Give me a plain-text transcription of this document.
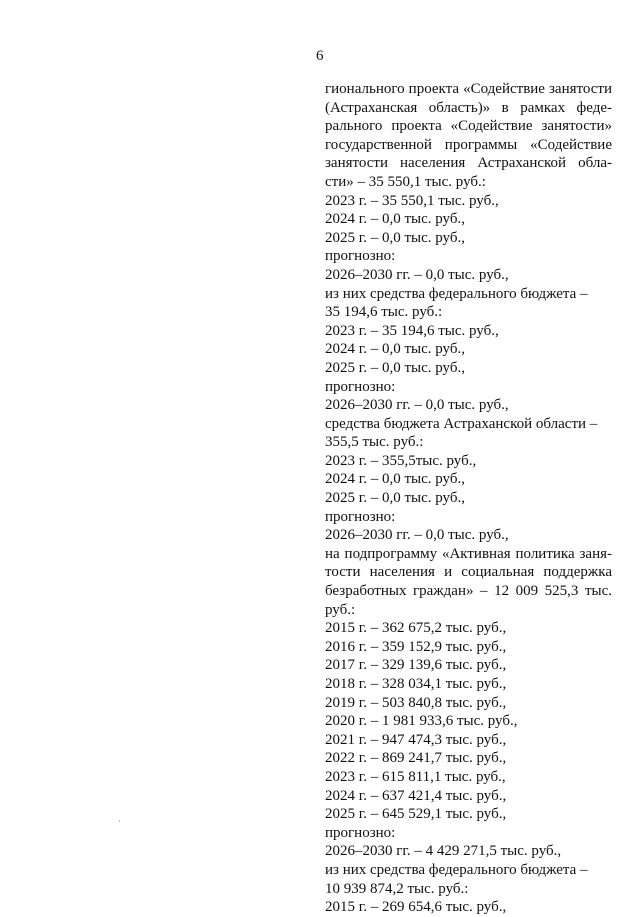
6
гионального проекта «Содействие занятости
(Астраханская область)» в рамках феде-
рального проекта «Содействие занятости»
государственной программы «Содействие
занятости населения Астраханской обла-
сти» – 35 550,1 тыс. руб.:
2023 г. – 35 550,1 тыс. руб.,
2024 г. – 0,0 тыс. руб.,
2025 г. – 0,0 тыс. руб.,
прогнозно:
2026–2030 гг. – 0,0 тыс. руб.,
из них средства федерального бюджета –
35 194,6 тыс. руб.:
2023 г. – 35 194,6 тыс. руб.,
2024 г. – 0,0 тыс. руб.,
2025 г. – 0,0 тыс. руб.,
прогнозно:
2026–2030 гг. – 0,0 тыс. руб.,
средства бюджета Астраханской области –
355,5 тыс. руб.:
2023 г. – 355,5тыс. руб.,
2024 г. – 0,0 тыс. руб.,
2025 г. – 0,0 тыс. руб.,
прогнозно:
2026–2030 гг. – 0,0 тыс. руб.,
на подпрограмму «Активная политика заня-
тости населения и социальная поддержка
безработных граждан» – 12 009 525,3 тыс.
руб.:
2015 г. – 362 675,2 тыс. руб.,
2016 г. – 359 152,9 тыс. руб.,
2017 г. – 329 139,6 тыс. руб.,
2018 г. – 328 034,1 тыс. руб.,
2019 г. – 503 840,8 тыс. руб.,
2020 г. – 1 981 933,6 тыс. руб.,
2021 г. – 947 474,3 тыс. руб.,
2022 г. – 869 241,7 тыс. руб.,
2023 г. – 615 811,1 тыс. руб.,
2024 г. – 637 421,4 тыс. руб.,
2025 г. – 645 529,1 тыс. руб.,
прогнозно:
2026–2030 гг. – 4 429 271,5 тыс. руб.,
из них средства федерального бюджета –
10 939 874,2 тыс. руб.:
2015 г. – 269 654,6 тыс. руб.,
